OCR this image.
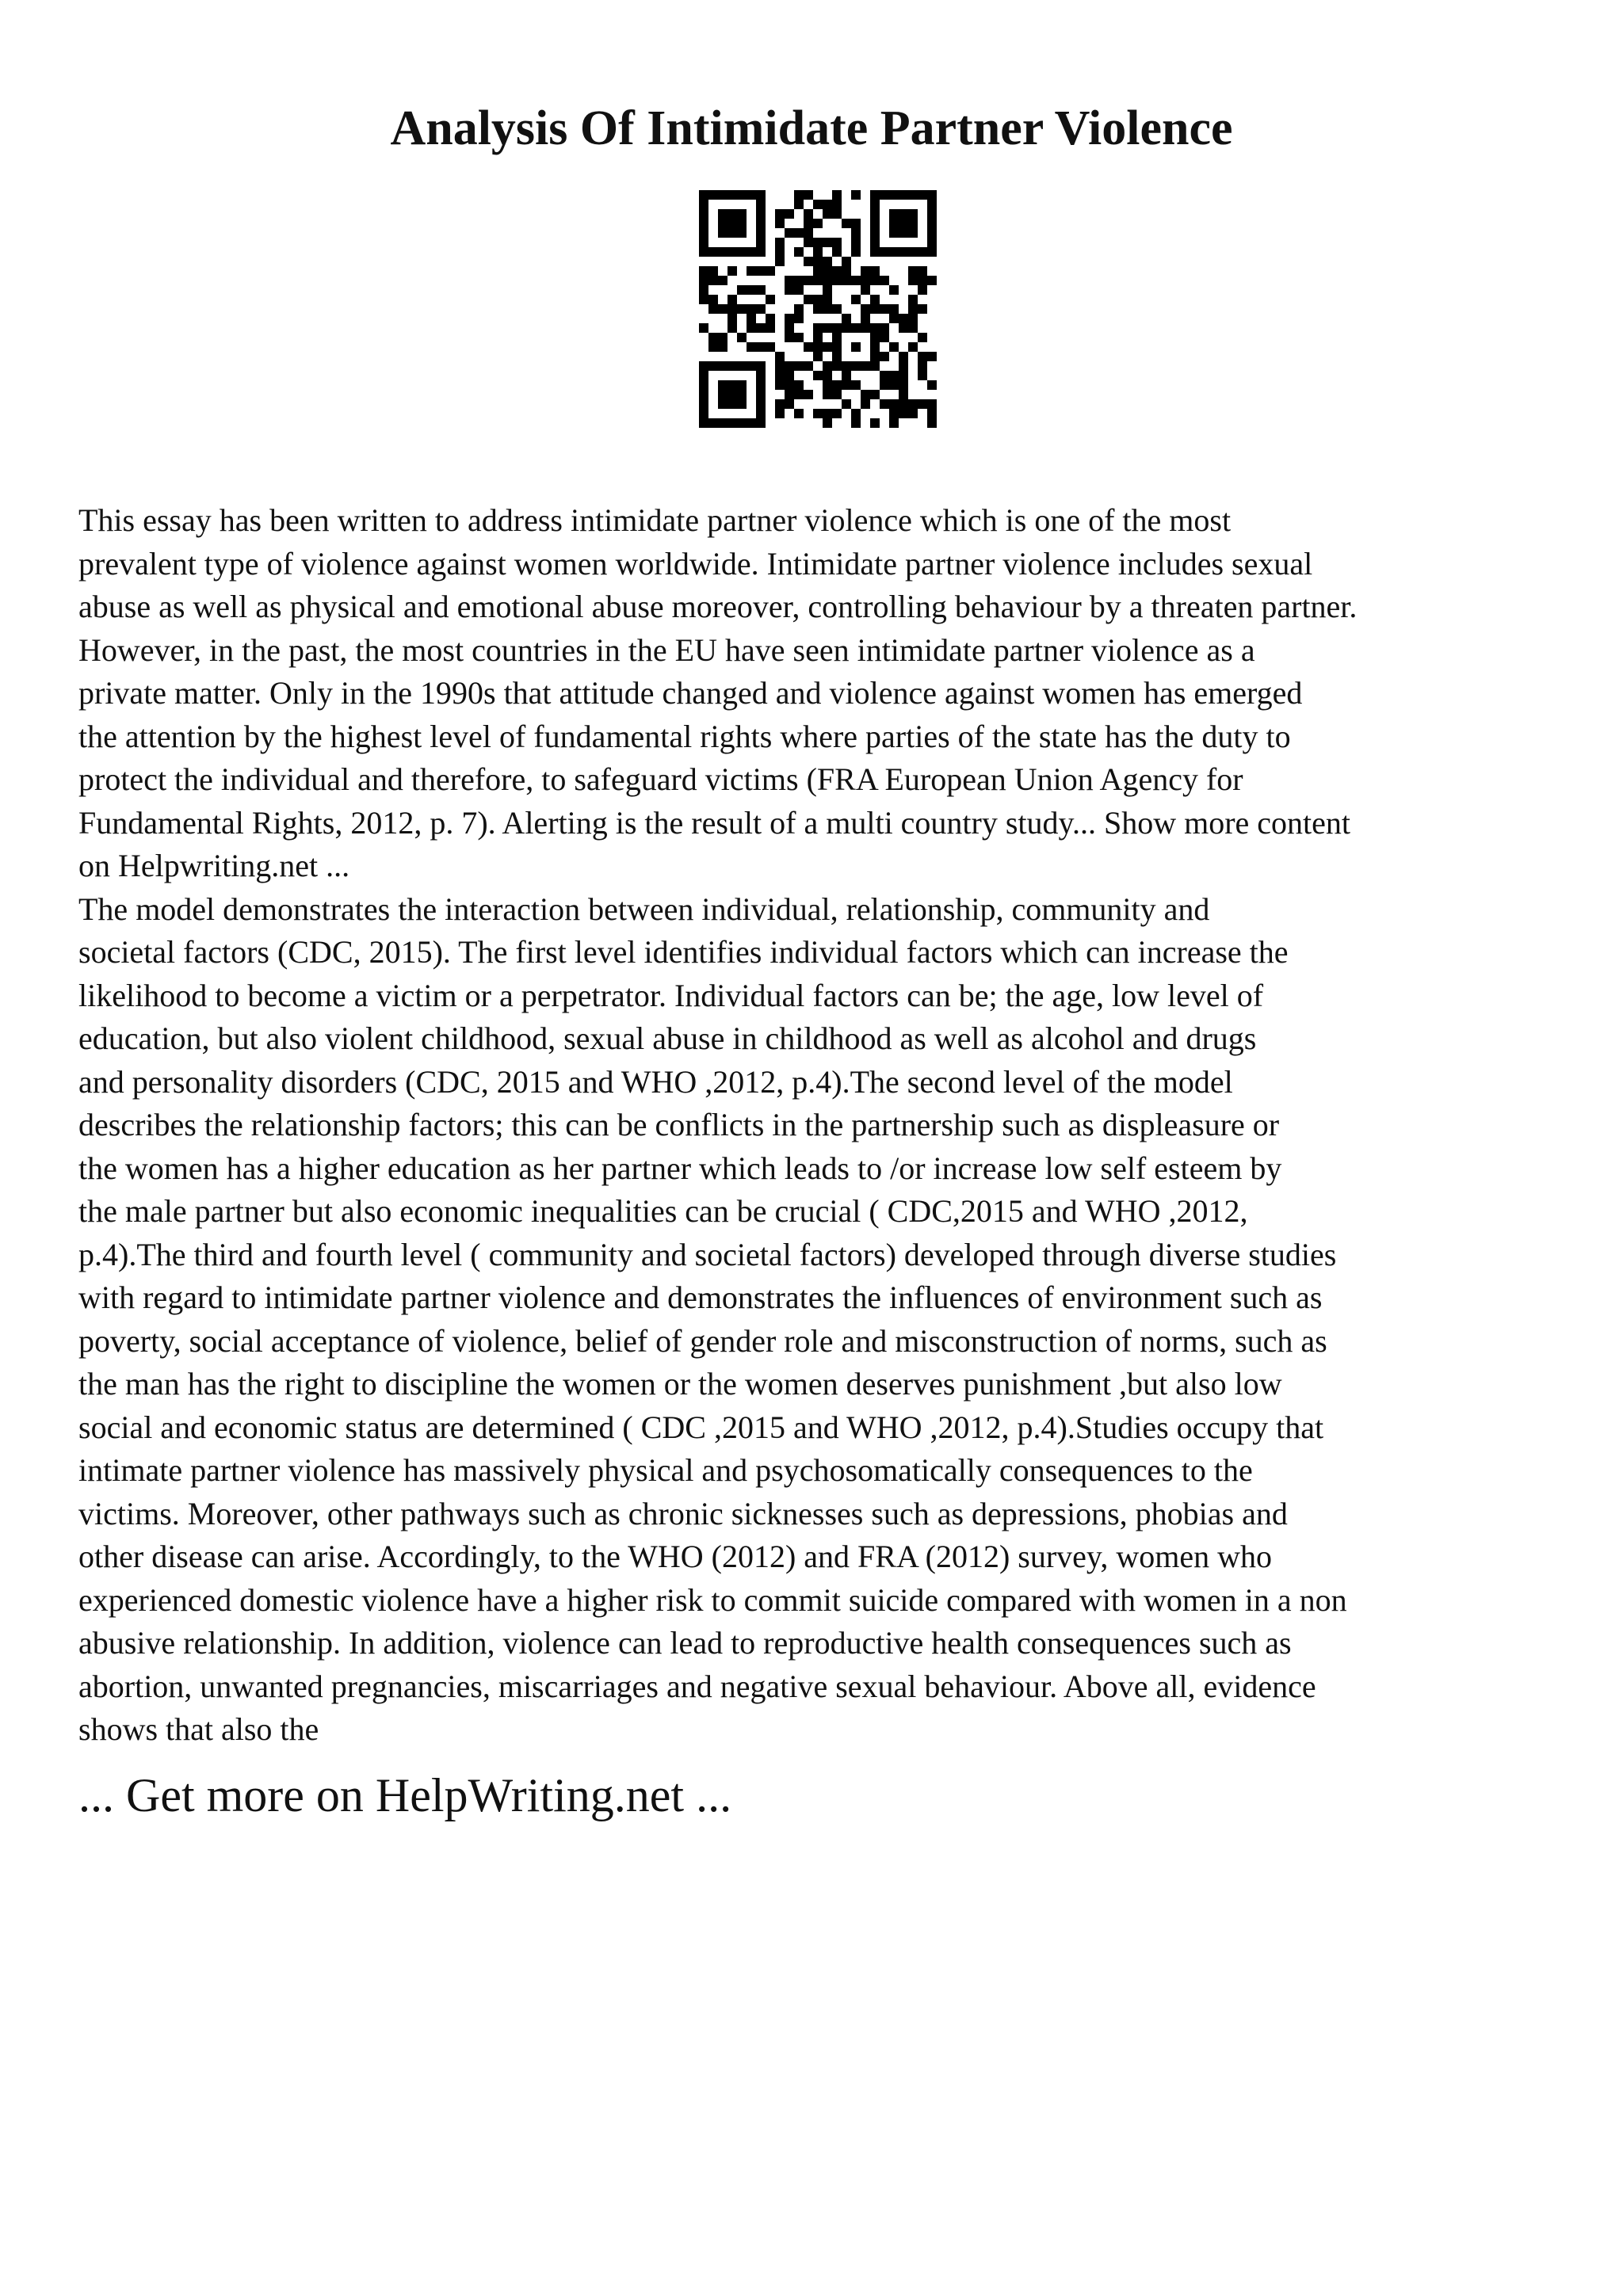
Analysis Of Intimidate Partner Violence

This essay has been written to address intimidate partner violence which is one of the most
prevalent type of violence against women worldwide. Intimidate partner violence includes sexual
abuse as well as physical and emotional abuse moreover, controlling behaviour by a threaten partner.
However, in the past, the most countries in the EU have seen intimidate partner violence as a
private matter. Only in the 1990s that attitude changed and violence against women has emerged
the attention by the highest level of fundamental rights where parties of the state has the duty to
protect the individual and therefore, to safeguard victims (FRA European Union Agency for
Fundamental Rights, 2012, p. 7). Alerting is the result of a multi country study... Show more content
on Helpwriting.net ...

The model demonstrates the interaction between individual, relationship, community and
societal factors (CDC, 2015). The first level identifies individual factors which can increase the
likelihood to become a victim or a perpetrator. Individual factors can be; the age, low level of
education, but also violent childhood, sexual abuse in childhood as well as alcohol and drugs
and personality disorders (CDC, 2015 and WHO ,2012, p.4).The second level of the model
describes the relationship factors; this can be conflicts in the partnership such as displeasure or
the women has a higher education as her partner which leads to /or increase low self esteem by
the male partner but also economic inequalities can be crucial ( CDC,2015 and WHO ,2012,
p.4).The third and fourth level ( community and societal factors) developed through diverse studies
with regard to intimidate partner violence and demonstrates the influences of environment such as
poverty, social acceptance of violence, belief of gender role and misconstruction of norms, such as
the man has the right to discipline the women or the women deserves punishment ,but also low
social and economic status are determined ( CDC ,2015 and WHO ,2012, p.4).Studies occupy that
intimate partner violence has massively physical and psychosomatically consequences to the
victims. Moreover, other pathways such as chronic sicknesses such as depressions, phobias and
other disease can arise. Accordingly, to the WHO (2012) and FRA (2012) survey, women who
experienced domestic violence have a higher risk to commit suicide compared with women in a non
abusive relationship. In addition, violence can lead to reproductive health consequences such as
abortion, unwanted pregnancies, miscarriages and negative sexual behaviour. Above all, evidence
shows that also the

... Get more on HelpWriting.net ...
